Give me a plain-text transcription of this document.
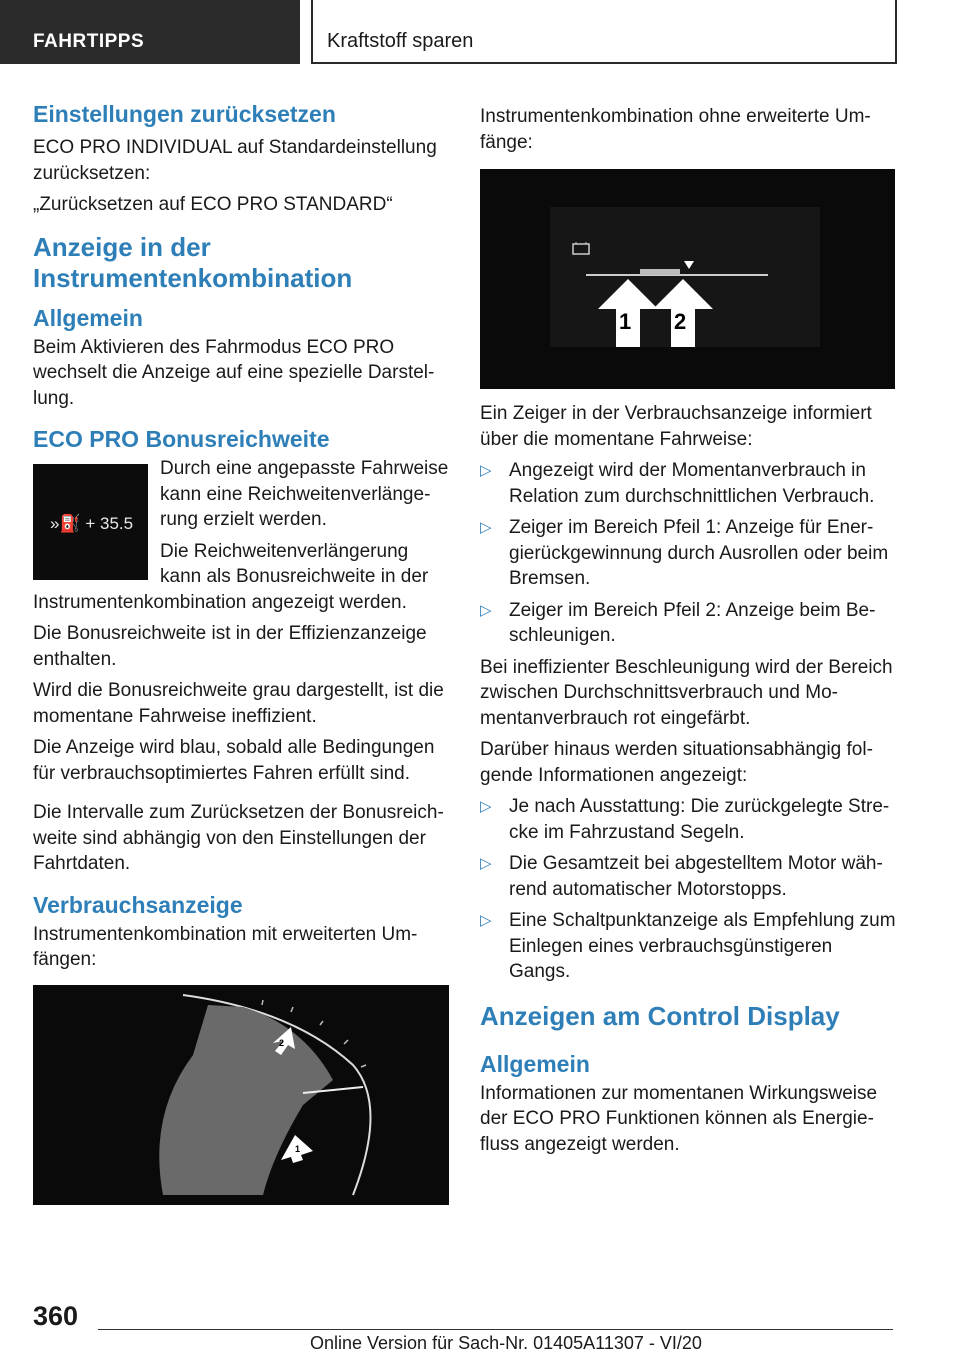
FAHRTIPPS	Kraftstoff sparen
Einstellungen zurücksetzen

ECO PRO INDIVIDUAL auf Standardeinstellung zurücksetzen:

„Zurücksetzen auf ECO PRO STANDARD“

Anzeige in der Instrumentenkombination
Allgemein

Beim Aktivieren des Fahrmodus ECO PRO wechselt die Anzeige auf eine spezielle Darstellung.

ECO PRO Bonusreichweite
»⛽ + 35.5

Durch eine angepasste Fahrweise kann eine Reichweitenverlängerung erzielt werden.

Die Reichweitenverlängerung kann als Bonusreichweite in der Instrumentenkombination angezeigt werden.

Die Bonusreichweite ist in der Effizienzanzeige enthalten.

Wird die Bonusreichweite grau dargestellt, ist die momentane Fahrweise ineffizient.

Die Anzeige wird blau, sobald alle Bedingungen für verbrauchsoptimiertes Fahren erfüllt sind.

Die Intervalle zum Zurücksetzen der Bonusreichweite sind abhängig von den Einstellungen der Fahrtdaten.

Verbrauchsanzeige

Instrumentenkombination mit erweiterten Umfängen:

2
1

Instrumentenkombination ohne erweiterte Umfänge:

1 2

Ein Zeiger in der Verbrauchsanzeige informiert über die momentane Fahrweise:

▷ Angezeigt wird der Momentanverbrauch in Relation zum durchschnittlichen Verbrauch.
▷ Zeiger im Bereich Pfeil 1: Anzeige für Energierückgewinnung durch Ausrollen oder beim Bremsen.
▷ Zeiger im Bereich Pfeil 2: Anzeige beim Beschleunigen.

Bei ineffizienter Beschleunigung wird der Bereich zwischen Durchschnittsverbrauch und Momentanverbrauch rot eingefärbt.

Darüber hinaus werden situationsabhängig folgende Informationen angezeigt:

▷ Je nach Ausstattung: Die zurückgelegte Strecke im Fahrzustand Segeln.
▷ Die Gesamtzeit bei abgestelltem Motor während automatischer Motorstopps.
▷ Eine Schaltpunktanzeige als Empfehlung zum Einlegen eines verbrauchsgünstigeren Gangs.
Anzeigen am Control Display
Allgemein

Informationen zur momentanen Wirkungsweise der ECO PRO Funktionen können als Energiefluss angezeigt werden.

360
Online Version für Sach-Nr. 01405A11307 - VI/20
